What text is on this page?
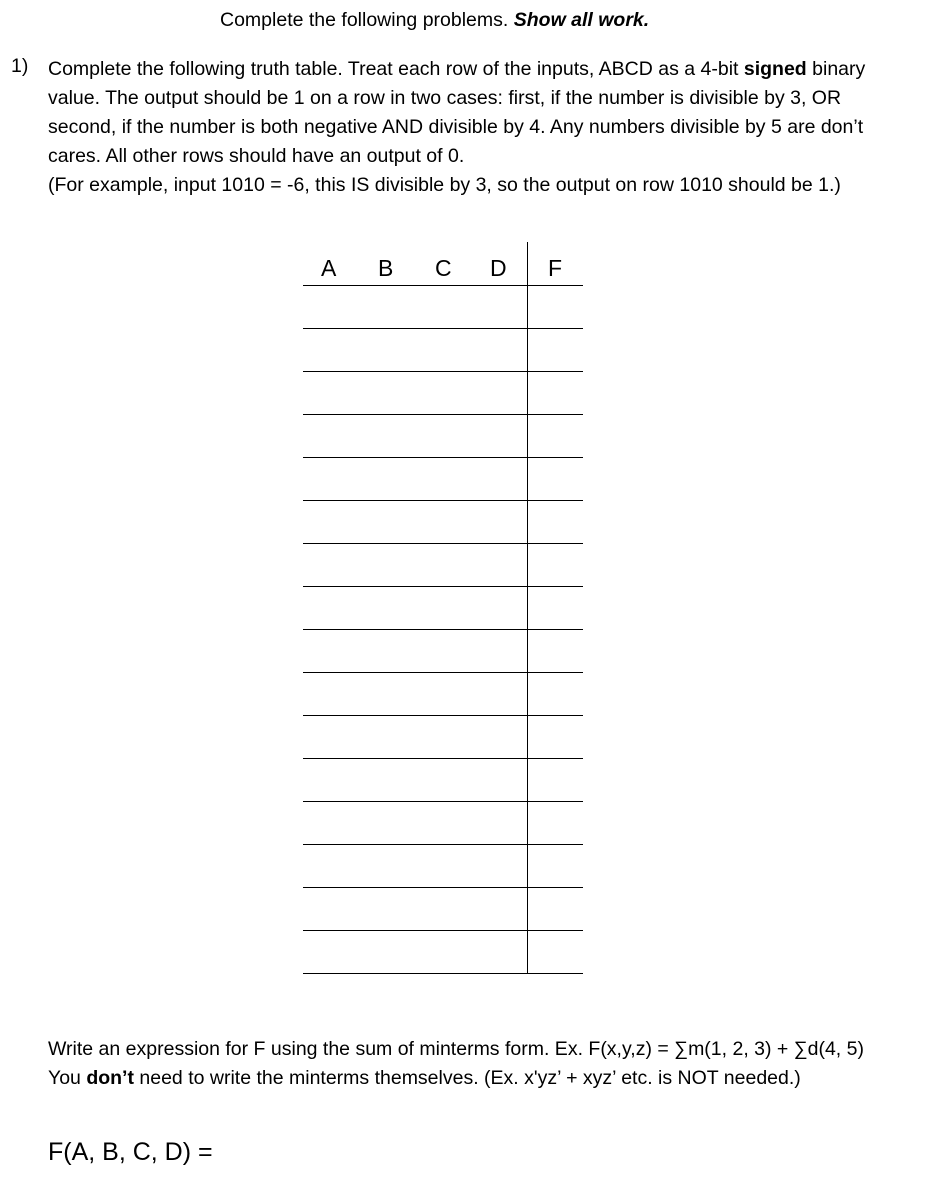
Complete the following problems. Show all work.
1) Complete the following truth table. Treat each row of the inputs, ABCD as a 4-bit signed binary
value. The output should be 1 on a row in two cases: first, if the number is divisible by 3, OR
second, if the number is both negative AND divisible by 4. Any numbers divisible by 5 are don’t
cares. All other rows should have an output of 0.
(For example, input 1010 = -6, this IS divisible by 3, so the output on row 1010 should be 1.)
A B C D F
Write an expression for F using the sum of minterms form. Ex. F(x,y,z) = ∑m(1, 2, 3) + ∑d(4, 5)
You don’t need to write the minterms themselves. (Ex. x'yz’ + xyz’ etc. is NOT needed.)
F(A, B, C, D) =
